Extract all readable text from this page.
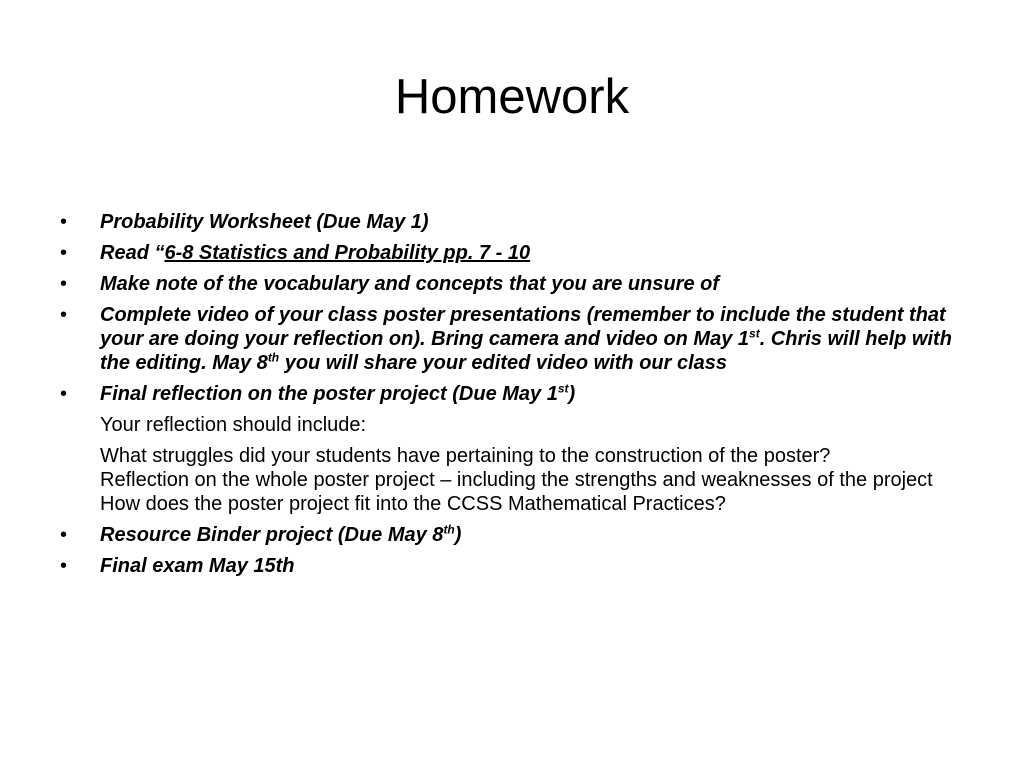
Homework
•	Probability Worksheet (Due May 1)
•	Read “6-8 Statistics and Probability pp. 7 - 10
•	Make note of the vocabulary and concepts that you are unsure of
•	Complete video of your class poster presentations (remember to include the student that your are doing your reflection on). Bring camera and video on May 1st. Chris will help with the editing. May 8th you will share your edited video with our class
•	Final reflection on the poster project (Due May 1st)
Your reflection should include:
What struggles did your students have pertaining to the construction of the poster?
Reflection on the whole poster project – including the strengths and weaknesses of the project
How does the poster project fit into the CCSS Mathematical Practices?
•	Resource Binder project (Due May 8th)
•	Final exam May 15th
